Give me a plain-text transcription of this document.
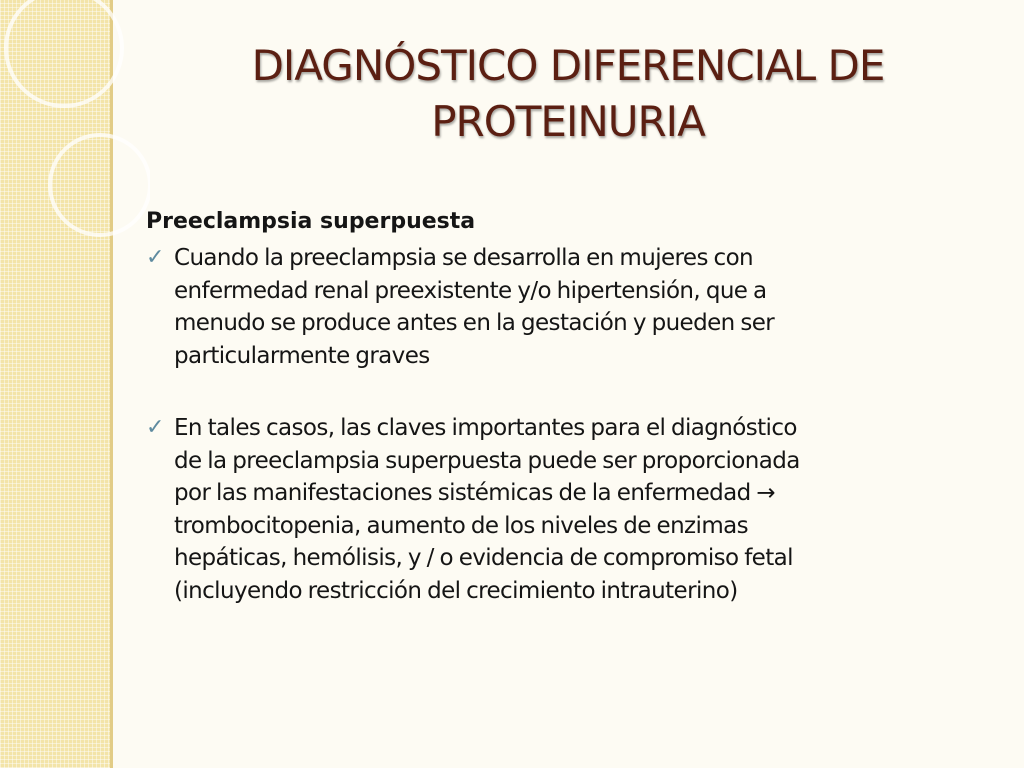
DIAGNÓSTICO DIFERENCIAL DE
PROTEINURIA
Preeclampsia superpuesta
✓ Cuando la preeclampsia se desarrolla en mujeres con
enfermedad renal preexistente y/o hipertensión, que a
menudo se produce antes en la gestación y pueden ser
particularmente graves
✓ En tales casos, las claves importantes para el diagnóstico
de la preeclampsia superpuesta puede ser proporcionada
por las manifestaciones sistémicas de la enfermedad →
trombocitopenia, aumento de los niveles de enzimas
hepáticas, hemólisis, y / o evidencia de compromiso fetal
(incluyendo restricción del crecimiento intrauterino)
